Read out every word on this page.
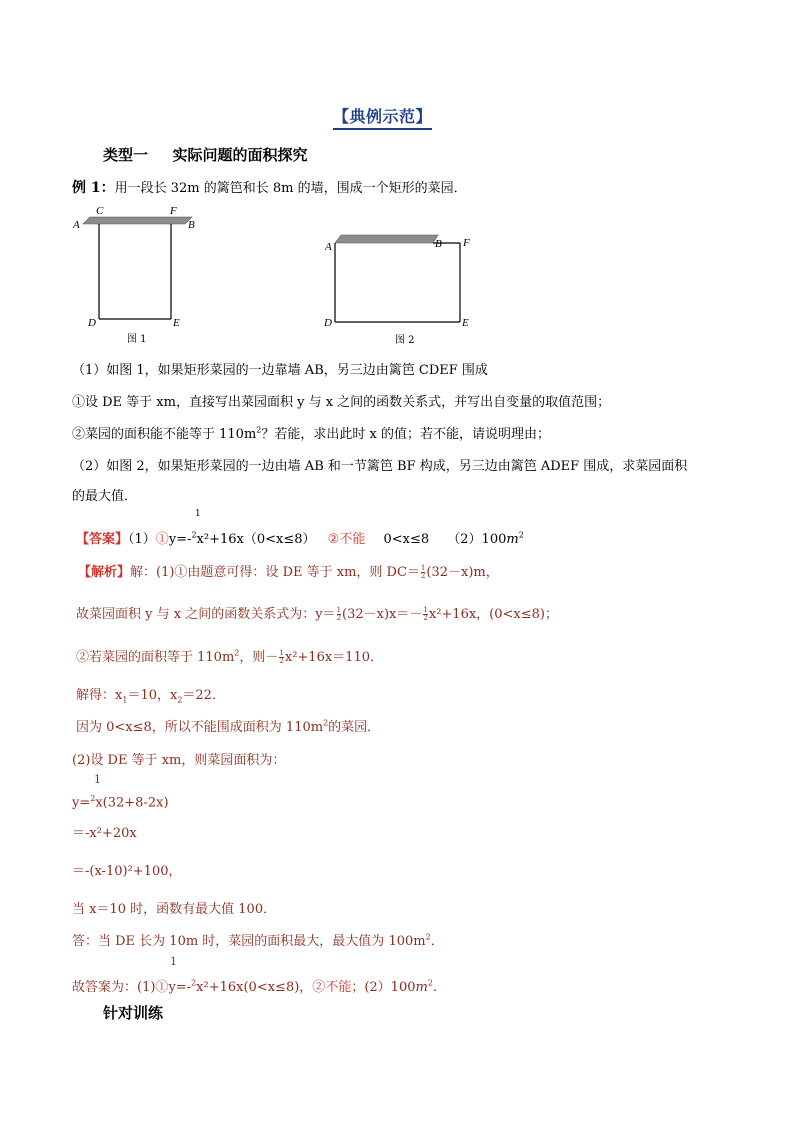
【典例示范】
类型一 实际问题的面积探究
例 1：用一段长 32m 的篱笆和长 8m 的墙，围成一个矩形的菜园．
A
C	F
B
D	E
图 1
A	B F
D	E
图 2
（1）如图 1，如果矩形菜园的一边靠墙 AB，另三边由篱笆 CDEF 围成
①设 DE 等于 xm，直接写出菜园面积 y 与 x 之间的函数关系式，并写出自变量的取值范围；
②菜园的面积能不能等于 $110m^2$？若能，求出此时 x 的值；若不能，请说明理由；
（2）如图 2，如果矩形菜园的一边由墙 AB 和一节篱笆 BF 构成，另三边由篱笆 ADEF 围成，求菜园面积
的最大值．
1
【答案】（1）①y=-$^2$x²+16x（0<x≤8） ②不能 0<x≤8 $(2)100m^2$
【解析】解：(1)①由题意可得：设 DE 等于 xm，则 $DC= \frac{1}{2} (32-x)m$，
故菜园面积 y 与 x 之间的函数关系式为：$y= \frac{1}{2} (32-x)x=- \frac{1}{2} x^2+16x$，(0<x≤8)；
②若菜园的面积等于 $110m^2$，则－ $\frac{1}{2} x^2+16x=110$．
解得：$x_1=10$，$x_2=22$．
因为 0<x≤8，所以不能围成面积为 $110m^2$的菜园．
(2)设 DE 等于 xm，则菜园面积为：
1
y=$^2$x(32+8-2x)
＝-x²+20x
＝-(x-10)²+100，
当 x＝10 时，函数有最大值 100．
答：当 DE 长为 10m 时，菜园的面积最大，最大值为 $100m^2$．
1
故答案为：(1)①y=-$^2$x²+16x(0<x≤8)，②不能；$(2)100m^2$.
针对训练
